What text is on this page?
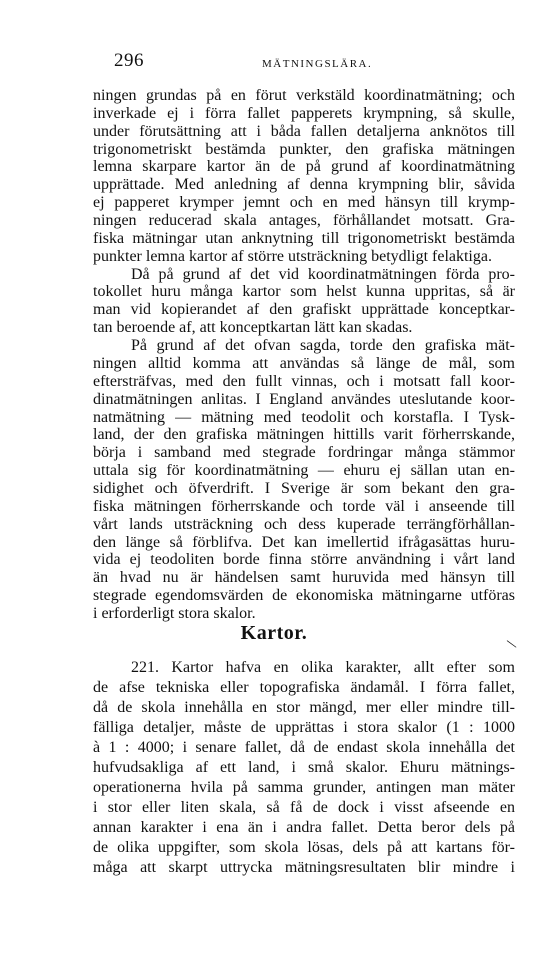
296	MÄTNINGSLÄRA.
ningen grundas på en förut verkstäld koordinatmätning; och
inverkade ej i förra fallet papperets krympning, så skulle,
under förutsättning att i båda fallen detaljerna anknötos till
trigonometriskt bestämda punkter, den grafiska mätningen
lemna skarpare kartor än de på grund af koordinatmätning
upprättade. Med anledning af denna krympning blir, såvida
ej papperet krymper jemnt och en med hänsyn till krymp-
ningen reducerad skala antages, förhållandet motsatt. Gra-
fiska mätningar utan anknytning till trigonometriskt bestämda
punkter lemna kartor af större utsträckning betydligt felaktiga.
Då på grund af det vid koordinatmätningen förda pro-
tokollet huru många kartor som helst kunna uppritas, så är
man vid kopierandet af den grafiskt upprättade konceptkar-
tan beroende af, att konceptkartan lätt kan skadas.
På grund af det ofvan sagda, torde den grafiska mät-
ningen alltid komma att användas så länge de mål, som
eftersträfvas, med den fullt vinnas, och i motsatt fall koor-
dinatmätningen anlitas. I England användes uteslutande koor-
natmätning — mätning med teodolit och korstafla. I Tysk-
land, der den grafiska mätningen hittills varit förherrskande,
börja i samband med stegrade fordringar många stämmor
uttala sig för koordinatmätning — ehuru ej sällan utan en-
sidighet och öfverdrift. I Sverige är som bekant den gra-
fiska mätningen förherrskande och torde väl i anseende till
vårt lands utsträckning och dess kuperade terrängförhållan-
den länge så förblifva. Det kan imellertid ifrågasättas huru-
vida ej teodoliten borde finna större användning i vårt land
än hvad nu är händelsen samt huruvida med hänsyn till
stegrade egendomsvärden de ekonomiska mätningarne utföras
i erforderligt stora skalor.
Kartor.
\
221. Kartor hafva en olika karakter, allt efter som
de afse tekniska eller topografiska ändamål. I förra fallet,
då de skola innehålla en stor mängd, mer eller mindre till-
fälliga detaljer, måste de upprättas i stora skalor (1 : 1000
à 1 : 4000; i senare fallet, då de endast skola innehålla det
hufvudsakliga af ett land, i små skalor. Ehuru mätnings-
operationerna hvila på samma grunder, antingen man mäter
i stor eller liten skala, så få de dock i visst afseende en
annan karakter i ena än i andra fallet. Detta beror dels på
de olika uppgifter, som skola lösas, dels på att kartans för-
måga att skarpt uttrycka mätningsresultaten blir mindre i
